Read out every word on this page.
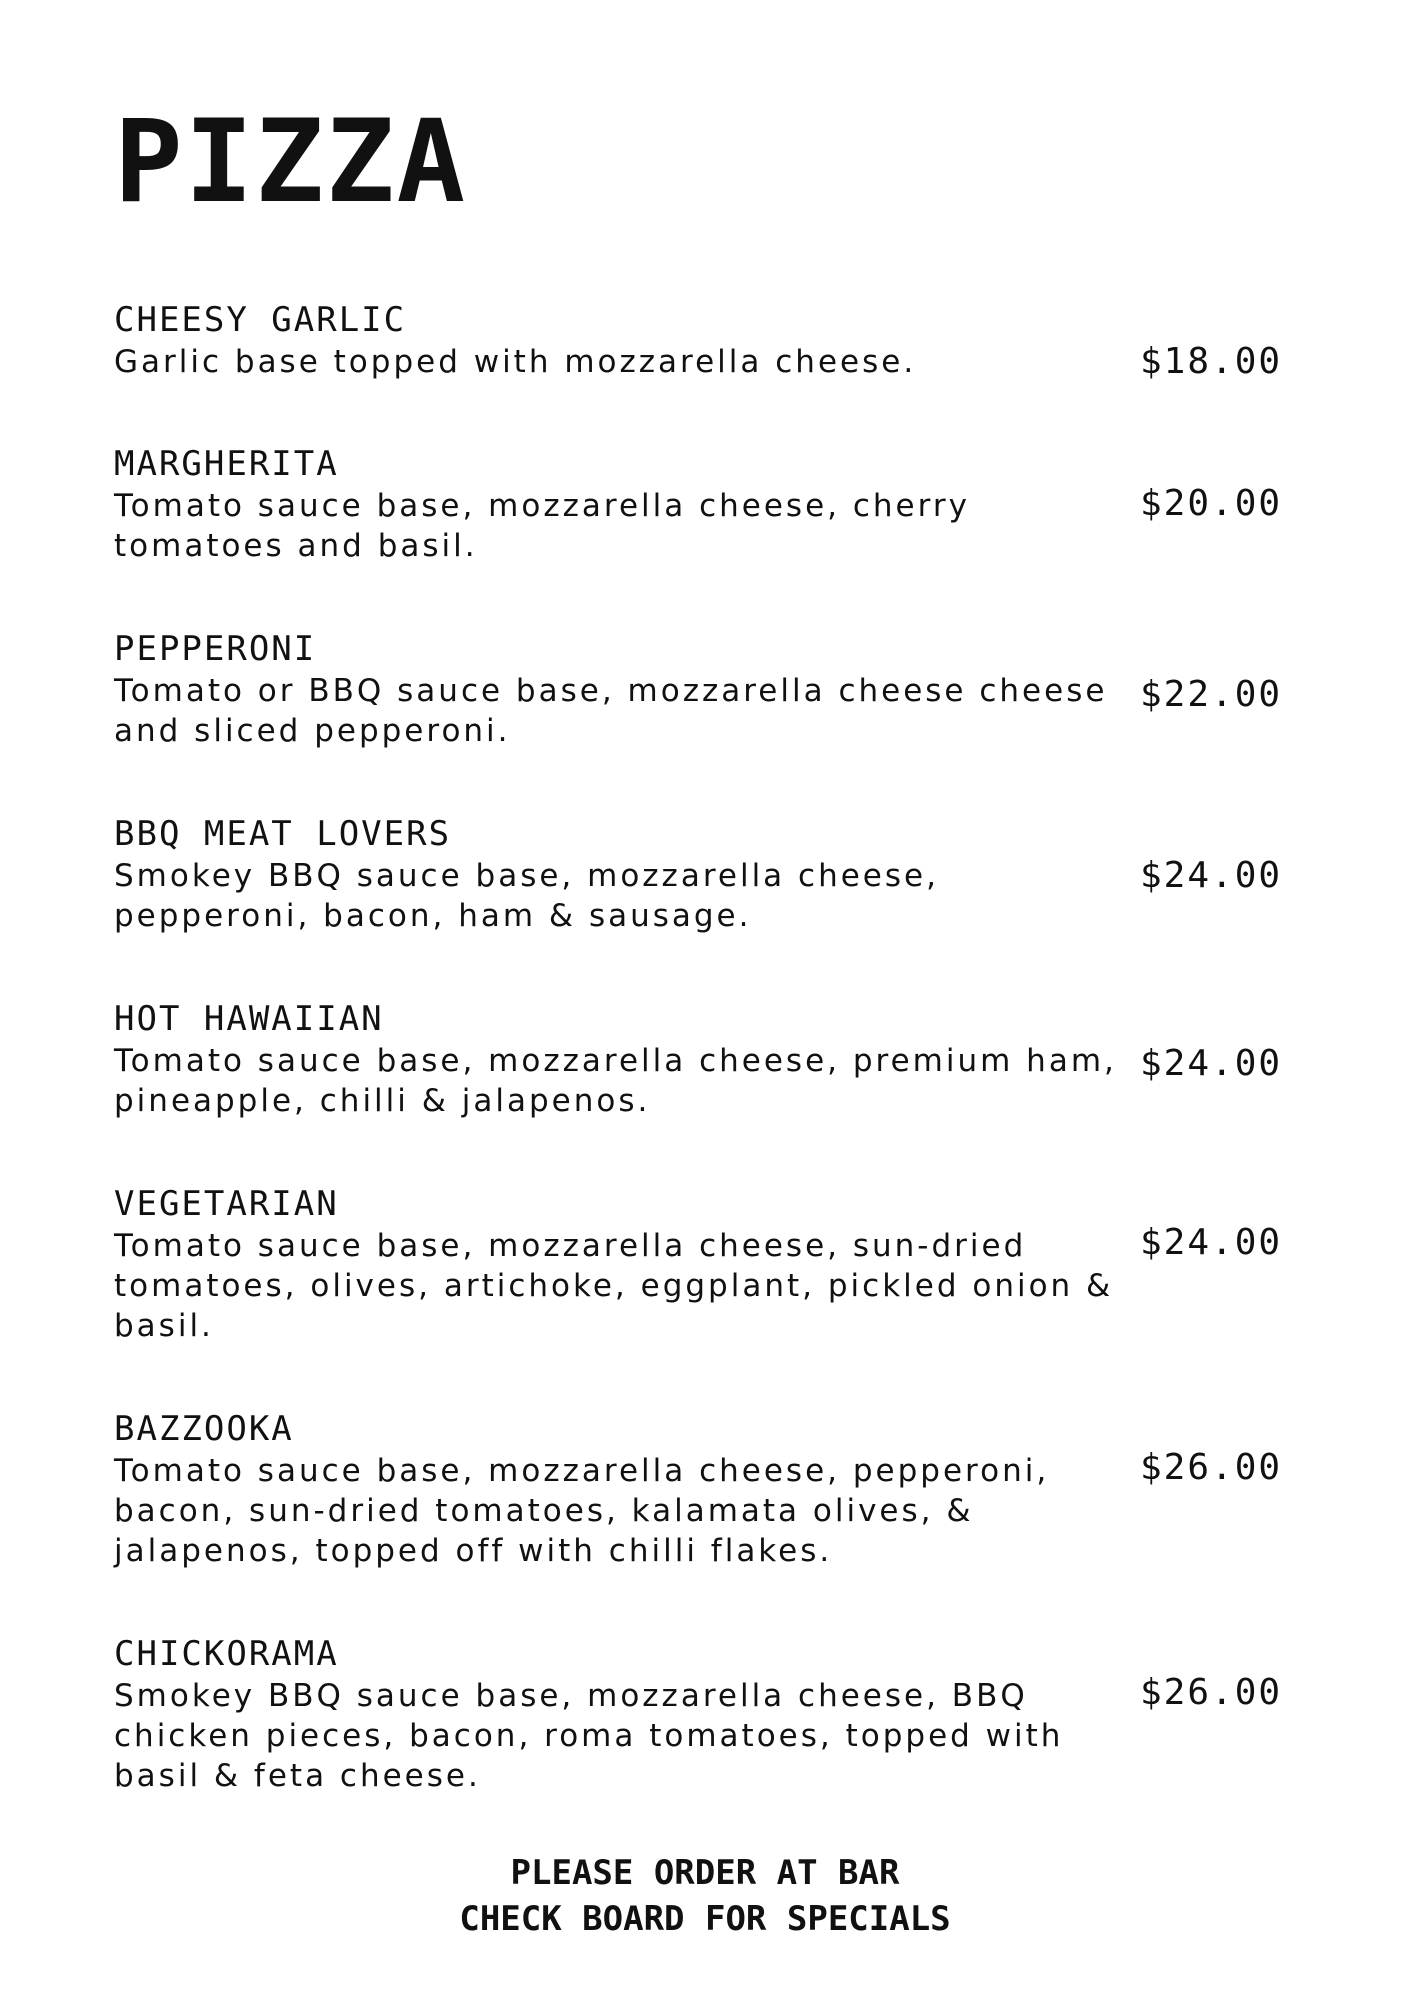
PIZZA
CHEESY GARLIC
Garlic base topped with mozzarella cheese.	$18.00
MARGHERITA
Tomato sauce base, mozzarella cheese, cherry tomatoes and basil.
$20.00
PEPPERONI
Tomato or BBQ sauce base, mozzarella cheese cheese and sliced pepperoni.
$22.00
BBQ MEAT LOVERS
Smokey BBQ sauce base, mozzarella cheese, pepperoni, bacon, ham & sausage.
$24.00
HOT HAWAIIAN
Tomato sauce base, mozzarella cheese, premium ham, pineapple, chilli & jalapenos.
$24.00
VEGETARIAN
Tomato sauce base, mozzarella cheese, sun-dried tomatoes, olives, artichoke, eggplant, pickled onion & basil.
$24.00
BAZZOOKA
Tomato sauce base, mozzarella cheese, pepperoni, bacon, sun-dried tomatoes, kalamata olives, & jalapenos, topped off with chilli flakes.
$26.00
CHICKORAMA
Smokey BBQ sauce base, mozzarella cheese, BBQ chicken pieces, bacon, roma tomatoes, topped with basil & feta cheese.
$26.00
PLEASE ORDER AT BAR
CHECK BOARD FOR SPECIALS
